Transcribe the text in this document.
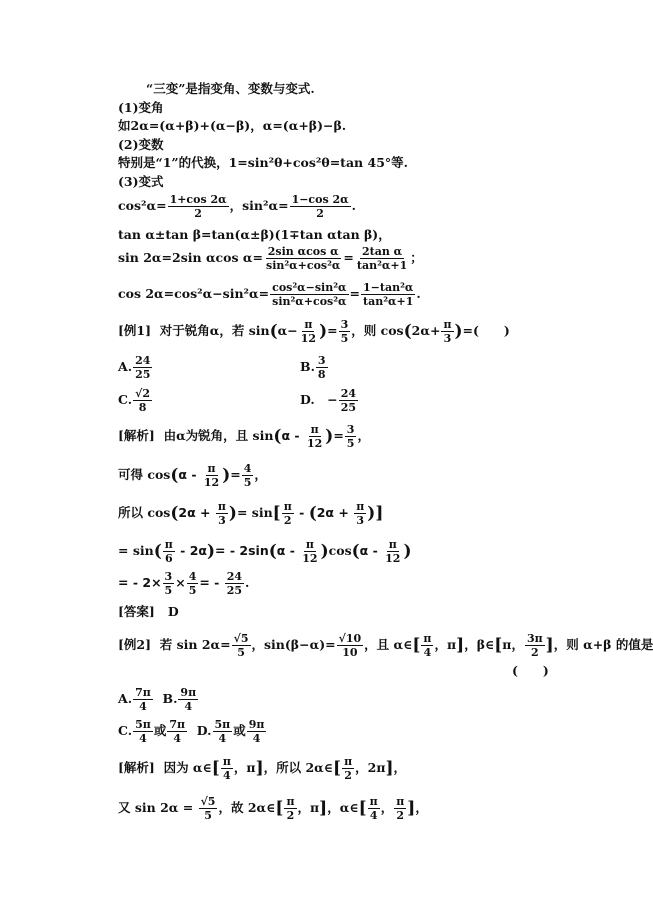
“三变”是指变角、变数与变式.
(1)变角
如2α=(α+β)+(α−β)，α=(α+β)−β.
(2)变数
特别是“1”的代换，1=sin²θ+cos²θ=tan 45°等.
(3)变式
$\cos^2\alpha= \frac{1+\cos 2\alpha}{2}$ ，$\sin^2\alpha= \frac{1-\cos 2\alpha}{2}$ .
tan α±tan β=tan(α±β)(1∓tan αtan β)，
sin 2α=2sin αcos $\alpha= \frac{\text{2sin αcos α}}{\text{sin²α+cos²α}} = \frac{\text{2tan α}}{\text{tan²α+1}}$ ；
$\cos 2\alpha=\cos^2\alpha-\sin^2\alpha= \frac{\text{cos²α−sin²α}}{\text{sin²α+cos²α}} = \frac{\text{1−tan²α}}{\text{tan²α+1}}$ .
[例1] 对于锐角α，若 $\sin(\alpha- \frac{\pi}{12}$ )= $\frac{3}{5}$ ，则 $\cos(2\alpha+ \frac{\pi}{3}$ )=(　　)
A. $\frac{24}{25}$	B. $\frac{3}{8}$
C. $\frac{√2}{8}$	D.　− $\frac{24}{25}$
[解析] 由α为锐角，且 $\sin(\alpha - \frac{\pi}{12}$ )= $\frac{3}{5}$ ，
可得 $\cos(\alpha - \frac{\pi}{12}$ )= $\frac{4}{5}$ ，
所以 $\cos(2\alpha + \frac{\pi}{3}$ )= $\sin[ \frac{\pi}{2} - (2\alpha + \frac{\pi}{3}$ )]
= $\sin( \frac{\pi}{6} - 2\alpha)= - 2\sin(\alpha - \frac{\pi}{12} )\cos(\alpha - \frac{\pi}{12}$ )
= - $2\times \frac{3}{5} \times \frac{4}{5}$ = - $\frac{24}{25}$ .
[答案] D
[例2] 若 $\sin 2\alpha= \frac{√5}{5}$ ，$\sin(\beta-\alpha)= \frac{√10}{10}$ ，且 α∈[ $\frac{\pi}{4}$ ，π]，β∈[π， $\frac{3\pi}{2}$ ]，则 α+β 的值是
(　　)
A. $\frac{7\pi}{4} B$. $\frac{9\pi}{4}$
C. $\frac{5\pi}{4}$ 或 $\frac{7\pi}{4} D$. $\frac{5\pi}{4}$ 或 $\frac{9\pi}{4}$
[解析] 因为 α∈[ $\frac{\pi}{4}$ ，π]，所以 2α∈[ $\frac{\pi}{2}$ ，2π]，
又 $\sin 2\alpha = \frac{√5}{5}$ ，故 2α∈[ $\frac{\pi}{2}$ ，π]，α∈[ $\frac{\pi}{4}$ ， $\frac{\pi}{2}$ ]，
